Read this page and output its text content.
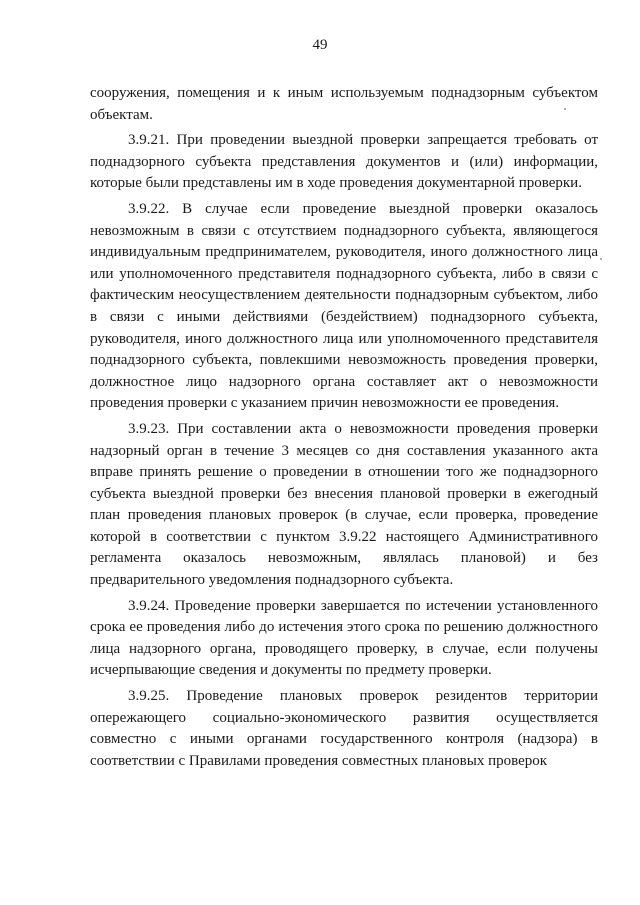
49

сооружения, помещения и к иным используемым поднадзорным субъектом объектам.

3.9.21. При проведении выездной проверки запрещается требовать от поднадзорного субъекта представления документов и (или) информации, которые были представлены им в ходе проведения документарной проверки.

3.9.22. В случае если проведение выездной проверки оказалось невозможным в связи с отсутствием поднадзорного субъекта, являющегося индивидуальным предпринимателем, руководителя, иного должностного лица или уполномоченного представителя поднадзорного субъекта, либо в связи с фактическим неосуществлением деятельности поднадзорным субъектом, либо в связи с иными действиями (бездействием) поднадзорного субъекта, руководителя, иного должностного лица или уполномоченного представителя поднадзорного субъекта, повлекшими невозможность проведения проверки, должностное лицо надзорного органа составляет акт о невозможности проведения проверки с указанием причин невозможности ее проведения.

3.9.23. При составлении акта о невозможности проведения проверки надзорный орган в течение 3 месяцев со дня составления указанного акта вправе принять решение о проведении в отношении того же поднадзорного субъекта выездной проверки без внесения плановой проверки в ежегодный план проведения плановых проверок (в случае, если проверка, проведение которой в соответствии с пунктом 3.9.22 настоящего Административного регламента оказалось невозможным, являлась плановой) и без предварительного уведомления поднадзорного субъекта.

3.9.24. Проведение проверки завершается по истечении установленного срока ее проведения либо до истечения этого срока по решению должностного лица надзорного органа, проводящего проверку, в случае, если получены исчерпывающие сведения и документы по предмету проверки.

3.9.25. Проведение плановых проверок резидентов территории опережающего социально-экономического развития осуществляется совместно с иными органами государственного контроля (надзора) в соответствии с Правилами проведения совместных плановых проверок
